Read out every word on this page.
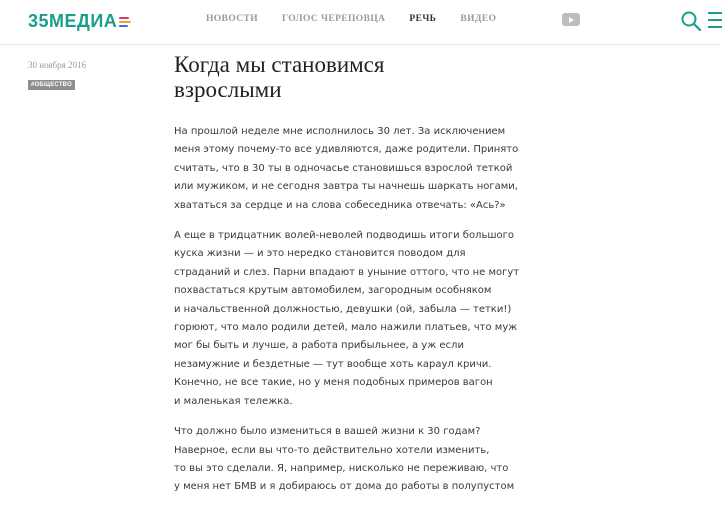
35МЕДИА	НОВОСТИ	ГОЛОС ЧЕРЕПОВЦА	РЕЧЬ	ВИДЕО
30 ноября 2016
#ОБЩЕСТВО
Когда мы становимся
взрослыми

На прошлой неделе мне исполнилось 30 лет. За исключением
меня этому почему-то все удивляются, даже родители. Принято
считать, что в 30 ты в одночасье становишься взрослой теткой
или мужиком, и не сегодня завтра ты начнешь шаркать ногами,
хвататься за сердце и на слова собеседника отвечать: «Ась?»

А еще в тридцатник волей-неволей подводишь итоги большого
куска жизни — и это нередко становится поводом для
страданий и слез. Парни впадают в уныние оттого, что не могут
похвастаться крутым автомобилем, загородным особняком
и начальственной должностью, девушки (ой, забыла — тетки!)
горюют, что мало родили детей, мало нажили платьев, что муж
мог бы быть и лучше, а работа прибыльнее, а уж если
незамужние и бездетные — тут вообще хоть караул кричи.
Конечно, не все такие, но у меня подобных примеров вагон
и маленькая тележка.

Что должно было измениться в вашей жизни к 30 годам?
Наверное, если вы что-то действительно хотели изменить,
то вы это сделали. Я, например, нисколько не переживаю, что
у меня нет БМВ и я добираюсь от дома до работы в полупустом
